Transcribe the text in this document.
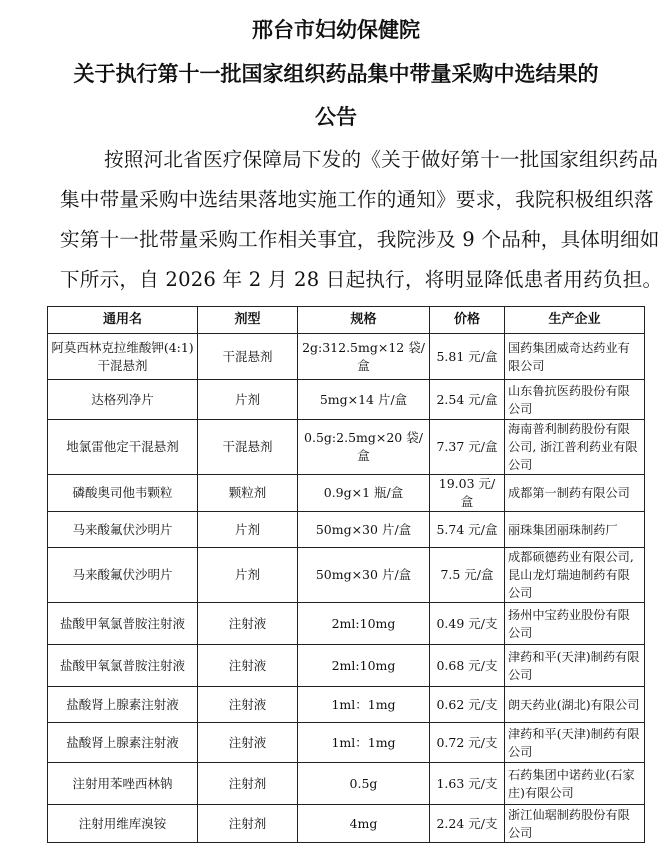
邢台市妇幼保健院
关于执行第十一批国家组织药品集中带量采购中选结果的
公告
按照河北省医疗保障局下发的《关于做好第十一批国家组织药品
集中带量采购中选结果落地实施工作的通知》要求，我院积极组织落
实第十一批带量采购工作相关事宜，我院涉及 9 个品种，具体明细如
下所示，自 2026 年 2 月 28 日起执行，将明显降低患者用药负担。
通用名	剂型	规格	价格	生产企业
阿莫西林克拉维酸钾(4:1)干混悬剂	干混悬剂	2g:312.5mg×12 袋/盒	5.81 元/盒	国药集团威奇达药业有限公司
达格列净片	片剂	5mg×14 片/盒	2.54 元/盒	山东鲁抗医药股份有限公司
地氯雷他定干混悬剂	干混悬剂	0.5g:2.5mg×20 袋/盒	7.37 元/盒	海南普利制药股份有限公司, 浙江普利药业有限公司
磷酸奥司他韦颗粒	颗粒剂	0.9g×1 瓶/盒	19.03 元/盒	成都第一制药有限公司
马来酸氟伏沙明片	片剂	50mg×30 片/盒	5.74 元/盒	丽珠集团丽珠制药厂
马来酸氟伏沙明片	片剂	50mg×30 片/盒	7.5 元/盒	成都硕德药业有限公司,昆山龙灯瑞迪制药有限公司
盐酸甲氧氯普胺注射液	注射液	2ml:10mg	0.49 元/支	扬州中宝药业股份有限公司
盐酸甲氧氯普胺注射液	注射液	2ml:10mg	0.68 元/支	津药和平(天津)制药有限公司
盐酸肾上腺素注射液	注射液	1ml：1mg	0.62 元/支	朗天药业(湖北)有限公司
盐酸肾上腺素注射液	注射液	1ml：1mg	0.72 元/支	津药和平(天津)制药有限公司
注射用苯唑西林钠	注射剂	0.5g	1.63 元/支	石药集团中诺药业(石家庄)有限公司
注射用维库溴铵	注射剂	4mg	2.24 元/支	浙江仙琚制药股份有限公司
